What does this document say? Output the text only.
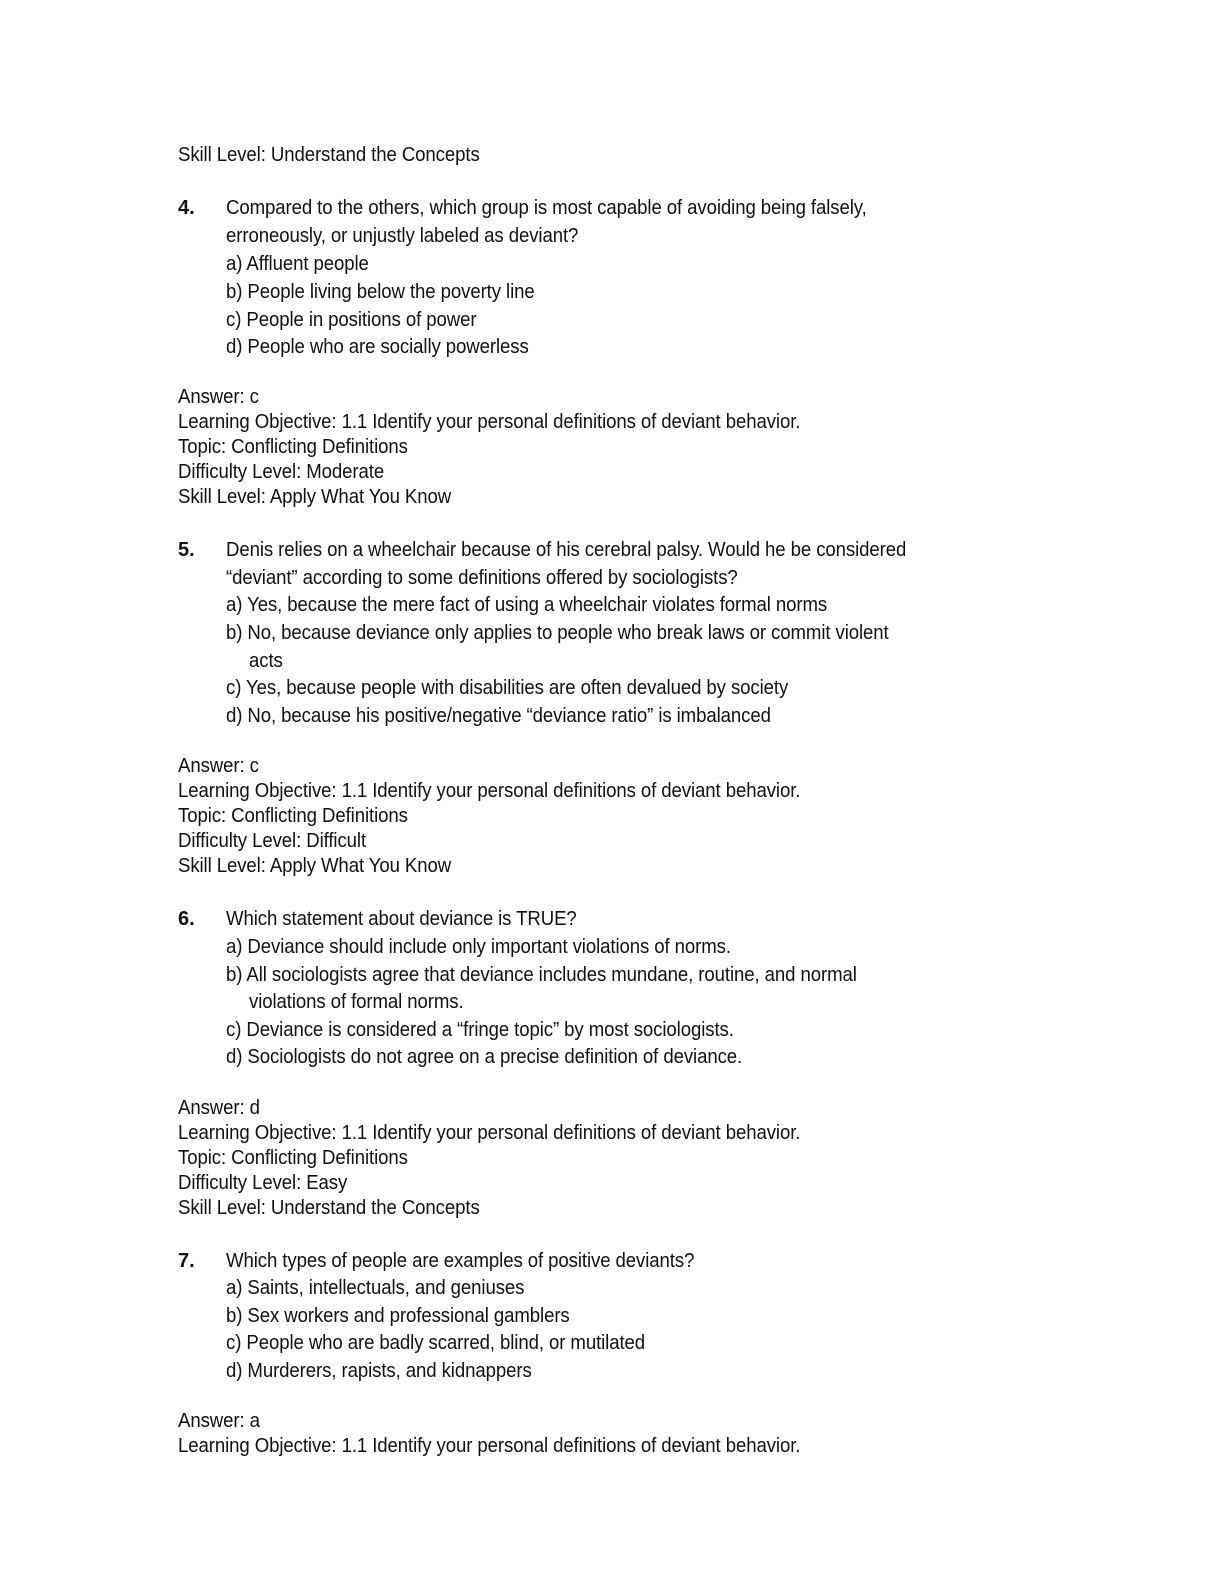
Skill Level: Understand the Concepts
4. Compared to the others, which group is most capable of avoiding being falsely,
erroneously, or unjustly labeled as deviant?
a) Affluent people
b) People living below the poverty line
c) People in positions of power
d) People who are socially powerless
Answer: c
Learning Objective: 1.1 Identify your personal definitions of deviant behavior.
Topic: Conflicting Definitions
Difficulty Level: Moderate
Skill Level: Apply What You Know
5. Denis relies on a wheelchair because of his cerebral palsy. Would he be considered
“deviant” according to some definitions offered by sociologists?
a) Yes, because the mere fact of using a wheelchair violates formal norms
b) No, because deviance only applies to people who break laws or commit violent
acts
c) Yes, because people with disabilities are often devalued by society
d) No, because his positive/negative “deviance ratio” is imbalanced
Answer: c
Learning Objective: 1.1 Identify your personal definitions of deviant behavior.
Topic: Conflicting Definitions
Difficulty Level: Difficult
Skill Level: Apply What You Know
6. Which statement about deviance is TRUE?
a) Deviance should include only important violations of norms.
b) All sociologists agree that deviance includes mundane, routine, and normal
violations of formal norms.
c) Deviance is considered a “fringe topic” by most sociologists.
d) Sociologists do not agree on a precise definition of deviance.
Answer: d
Learning Objective: 1.1 Identify your personal definitions of deviant behavior.
Topic: Conflicting Definitions
Difficulty Level: Easy
Skill Level: Understand the Concepts
7. Which types of people are examples of positive deviants?
a) Saints, intellectuals, and geniuses
b) Sex workers and professional gamblers
c) People who are badly scarred, blind, or mutilated
d) Murderers, rapists, and kidnappers
Answer: a
Learning Objective: 1.1 Identify your personal definitions of deviant behavior.
